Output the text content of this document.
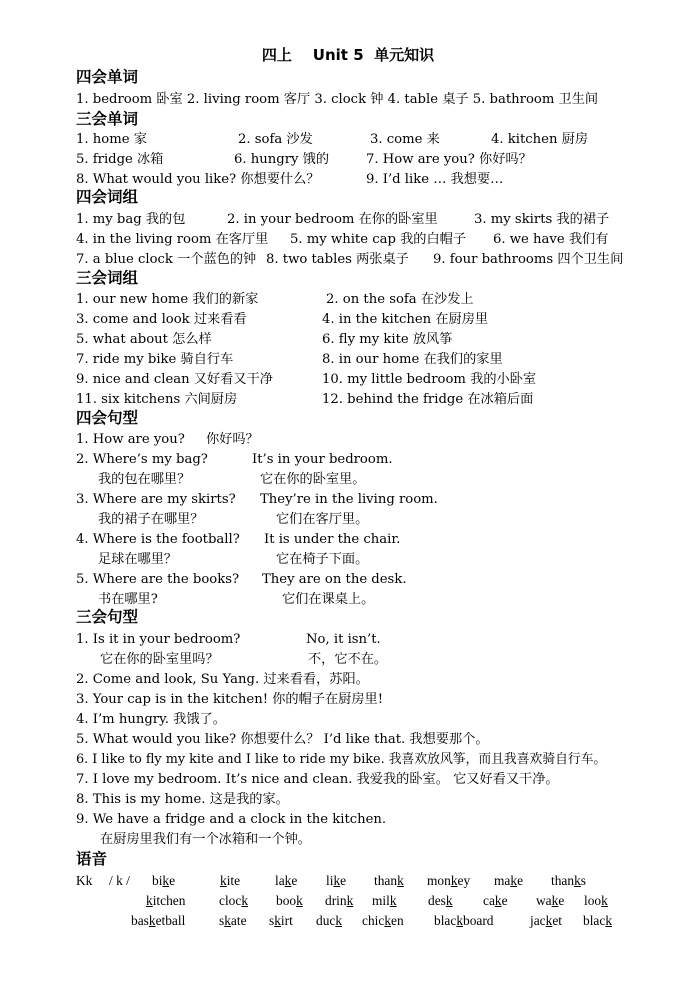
四上    Unit 5  单元知识
四会单词
1. bedroom 卧室 2. living room 客厅 3. clock 钟 4. table 桌子 5. bathroom 卫生间
三会单词
1. home 家	2. sofa 沙发	3. come 来	4. kitchen 厨房
5. fridge 冰箱	6. hungry 饿的	7. How are you? 你好吗？
8. What would you like? 你想要什么？	9. I’d like … 我想要…
四会词组
1. my bag 我的包	2. in your bedroom 在你的卧室里	3. my skirts 我的裙子
4. in the living room 在客厅里 5. my white cap 我的白帽子 6. we have 我们有
7. a blue clock 一个蓝色的钟 8. two tables 两张桌子 9. four bathrooms 四个卫生间
三会词组
1. our new home 我们的新家	2. on the sofa 在沙发上
3. come and look 过来看看	4. in the kitchen 在厨房里
5. what about 怎么样	6. fly my kite 放风筝
7. ride my bike 骑自行车	8. in our home 在我们的家里
9. nice and clean 又好看又干净	10. my little bedroom 我的小卧室
11. six kitchens 六间厨房	12. behind the fridge 在冰箱后面
四会句型
1. How are you? 你好吗？
2. Where’s my bag?	It’s in your bedroom.
我的包在哪里？	它在你的卧室里。
3. Where are my skirts? They’re in the living room.
我的裙子在哪里？	它们在客厅里。
4. Where is the football? It is under the chair.
足球在哪里？	它在椅子下面。
5. Where are the books? They are on the desk.
书在哪里?	它们在课桌上。
三会句型
1. Is it in your bedroom?	No, it isn’t.
它在你的卧室里吗？	不，它不在。
2. Come and look, Su Yang. 过来看看，苏阳。
3. Your cap is in the kitchen! 你的帽子在厨房里!
4. I’m hungry. 我饿了。
5. What would you like? 你想要什么？ I’d like that. 我想要那个。
6. I like to fly my kite and I like to ride my bike. 我喜欢放风筝，而且我喜欢骑自行车。
7. I love my bedroom. It’s nice and clean. 我爱我的卧室。 它又好看又干净。
8. This is my home. 这是我的家。
9. We have a fridge and a clock in the kitchen.
在厨房里我们有一个冰箱和一个钟。
语音
Kk / k / bike	kite	lake like thank monkey make thanks
kitchen	clock book drink milk desk cake wake look
basketball	skate skirt duck chicken blackboard	jacket black
